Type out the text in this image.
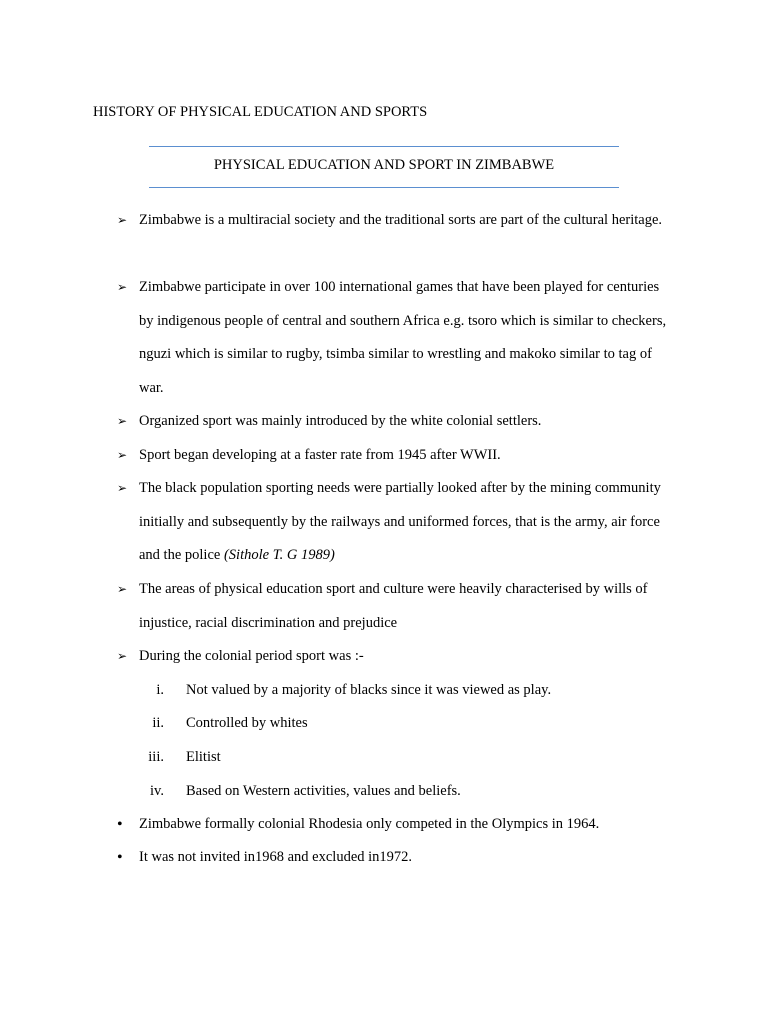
HISTORY OF PHYSICAL EDUCATION AND SPORTS
PHYSICAL EDUCATION AND SPORT IN ZIMBABWE
➢ Zimbabwe is a multiracial society and the traditional sorts are part of the cultural heritage.
➢ Zimbabwe participate in over 100 international games that have been played for centuries by indigenous people of central and southern Africa e.g. tsoro which is similar to checkers, nguzi which is similar to rugby, tsimba similar to wrestling and makoko similar to tag of war.
➢ Organized sport was mainly introduced by the white colonial settlers.
➢ Sport began developing at a faster rate from 1945 after WWII.
➢ The black population sporting needs were partially looked after by the mining community initially and subsequently by the railways and uniformed forces, that is the army, air force and the police (Sithole T. G 1989)
➢ The areas of physical education sport and culture were heavily characterised by wills of injustice, racial discrimination and prejudice
➢ During the colonial period sport was :-
i. Not valued by a majority of blacks since it was viewed as play.
ii. Controlled by whites
iii. Elitist
iv. Based on Western activities, values and beliefs.
•	Zimbabwe formally colonial Rhodesia only competed in the Olympics in 1964.
•	It was not invited in1968 and excluded in1972.
